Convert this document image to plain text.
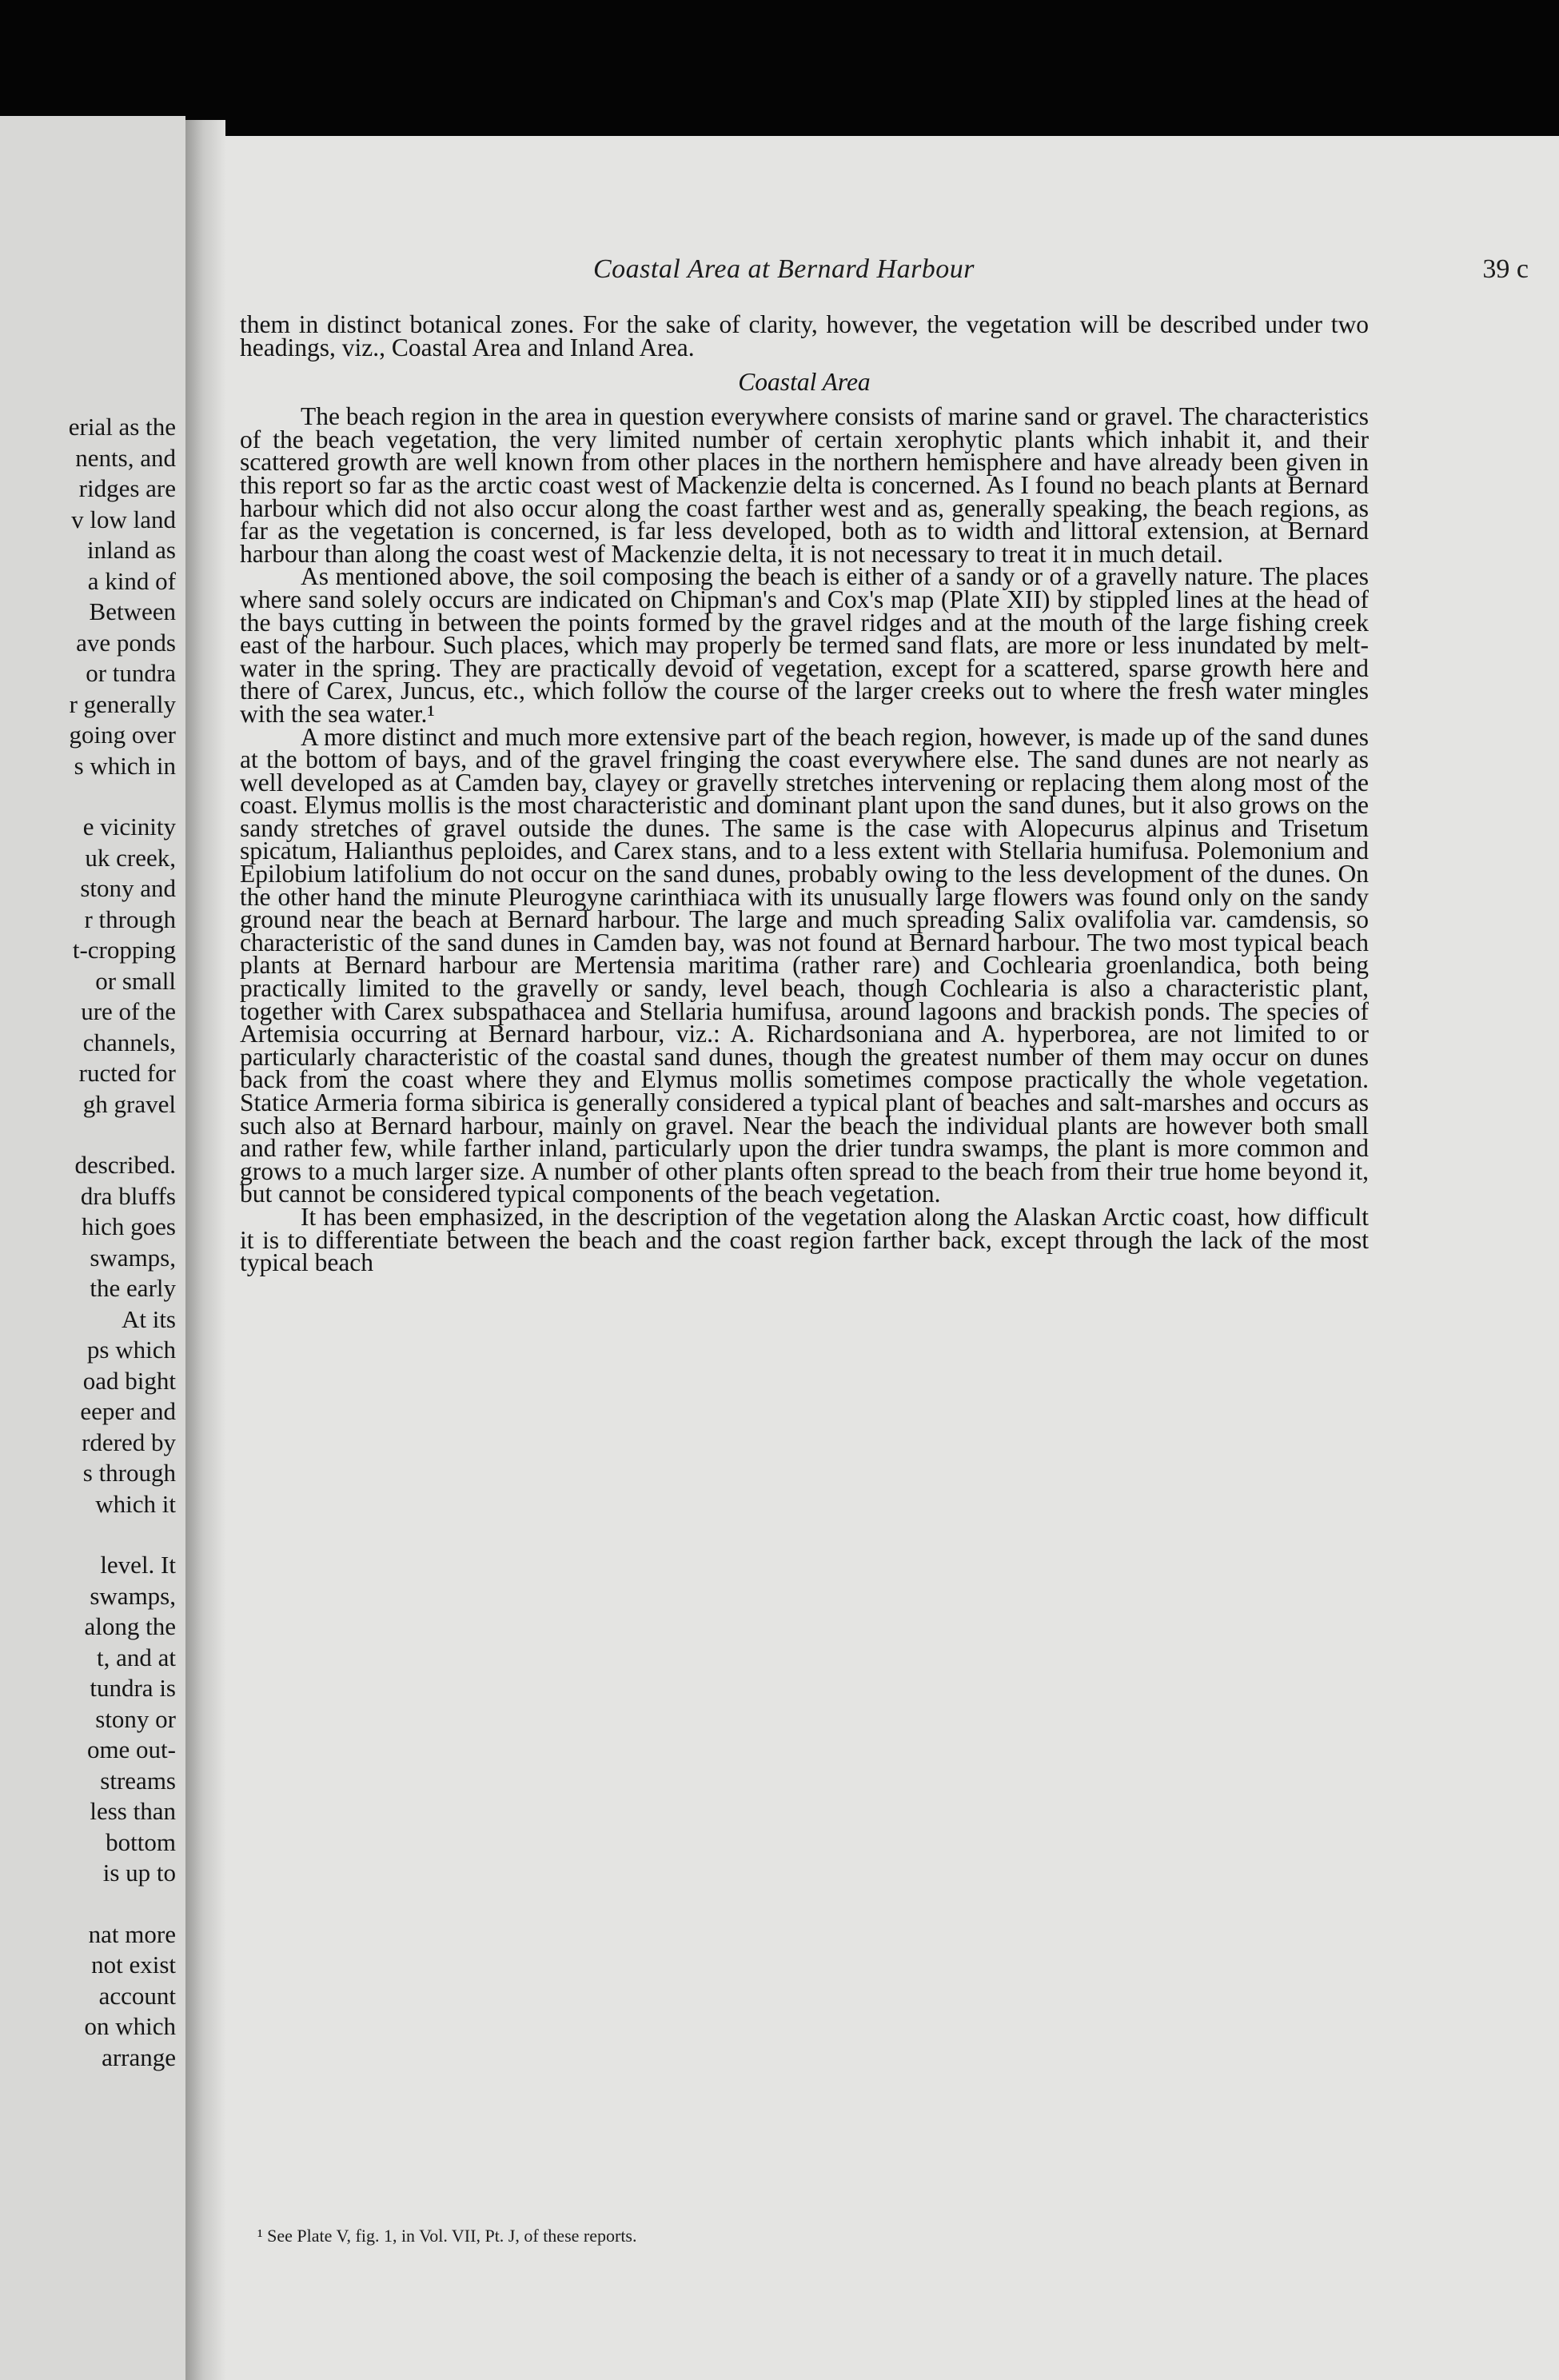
erial as the
nents, and
ridges are
v low land
inland as
a kind of
Between
ave ponds
or tundra
r generally
going over
s which in
e vicinity
uk creek,
stony and
r through
t-cropping
or small
ure of the
channels,
ructed for
gh gravel
described.
dra bluffs
hich goes
swamps,
the early
At its
ps which
oad bight
eeper and
rdered by
s through
which it
level. It
swamps,
along the
t, and at
tundra is
stony or
ome out-
streams
less than
bottom
is up to
nat more
not exist
account
on which
arrange
Coastal Area at Bernard Harbour	39 c

them in distinct botanical zones. For the sake of clarity, however, the vegetation will be described under two headings, viz., Coastal Area and Inland Area.

Coastal Area

The beach region in the area in question everywhere consists of marine sand or gravel. The characteristics of the beach vegetation, the very limited number of certain xerophytic plants which inhabit it, and their scattered growth are well known from other places in the northern hemisphere and have already been given in this report so far as the arctic coast west of Mackenzie delta is concerned. As I found no beach plants at Bernard harbour which did not also occur along the coast farther west and as, generally speaking, the beach regions, as far as the vegetation is concerned, is far less developed, both as to width and littoral extension, at Bernard harbour than along the coast west of Mackenzie delta, it is not necessary to treat it in much detail.

As mentioned above, the soil composing the beach is either of a sandy or of a gravelly nature. The places where sand solely occurs are indicated on Chipman's and Cox's map (Plate XII) by stippled lines at the head of the bays cutting in between the points formed by the gravel ridges and at the mouth of the large fishing creek east of the harbour. Such places, which may properly be termed sand flats, are more or less inundated by melt-water in the spring. They are practically devoid of vegetation, except for a scattered, sparse growth here and there of Carex, Juncus, etc., which follow the course of the larger creeks out to where the fresh water mingles with the sea water.¹

A more distinct and much more extensive part of the beach region, however, is made up of the sand dunes at the bottom of bays, and of the gravel fringing the coast everywhere else. The sand dunes are not nearly as well developed as at Camden bay, clayey or gravelly stretches intervening or replacing them along most of the coast. Elymus mollis is the most characteristic and dominant plant upon the sand dunes, but it also grows on the sandy stretches of gravel outside the dunes. The same is the case with Alopecurus alpinus and Trisetum spicatum, Halianthus peploides, and Carex stans, and to a less extent with Stellaria humifusa. Polemonium and Epilobium latifolium do not occur on the sand dunes, probably owing to the less development of the dunes. On the other hand the minute Pleurogyne carinthiaca with its unusually large flowers was found only on the sandy ground near the beach at Bernard harbour. The large and much spreading Salix ovalifolia var. camdensis, so characteristic of the sand dunes in Camden bay, was not found at Bernard harbour. The two most typical beach plants at Bernard harbour are Mertensia maritima (rather rare) and Cochlearia groenlandica, both being practically limited to the gravelly or sandy, level beach, though Cochlearia is also a characteristic plant, together with Carex subspathacea and Stellaria humifusa, around lagoons and brackish ponds. The species of Artemisia occurring at Bernard harbour, viz.: A. Richardsoniana and A. hyperborea, are not limited to or particularly characteristic of the coastal sand dunes, though the greatest number of them may occur on dunes back from the coast where they and Elymus mollis sometimes compose practically the whole vegetation. Statice Armeria forma sibirica is generally considered a typical plant of beaches and salt-marshes and occurs as such also at Bernard harbour, mainly on gravel. Near the beach the individual plants are however both small and rather few, while farther inland, particularly upon the drier tundra swamps, the plant is more common and grows to a much larger size. A number of other plants often spread to the beach from their true home beyond it, but cannot be considered typical components of the beach vegetation.

It has been emphasized, in the description of the vegetation along the Alaskan Arctic coast, how difficult it is to differentiate between the beach and the coast region farther back, except through the lack of the most typical beach

¹ See Plate V, fig. 1, in Vol. VII, Pt. J, of these reports.
